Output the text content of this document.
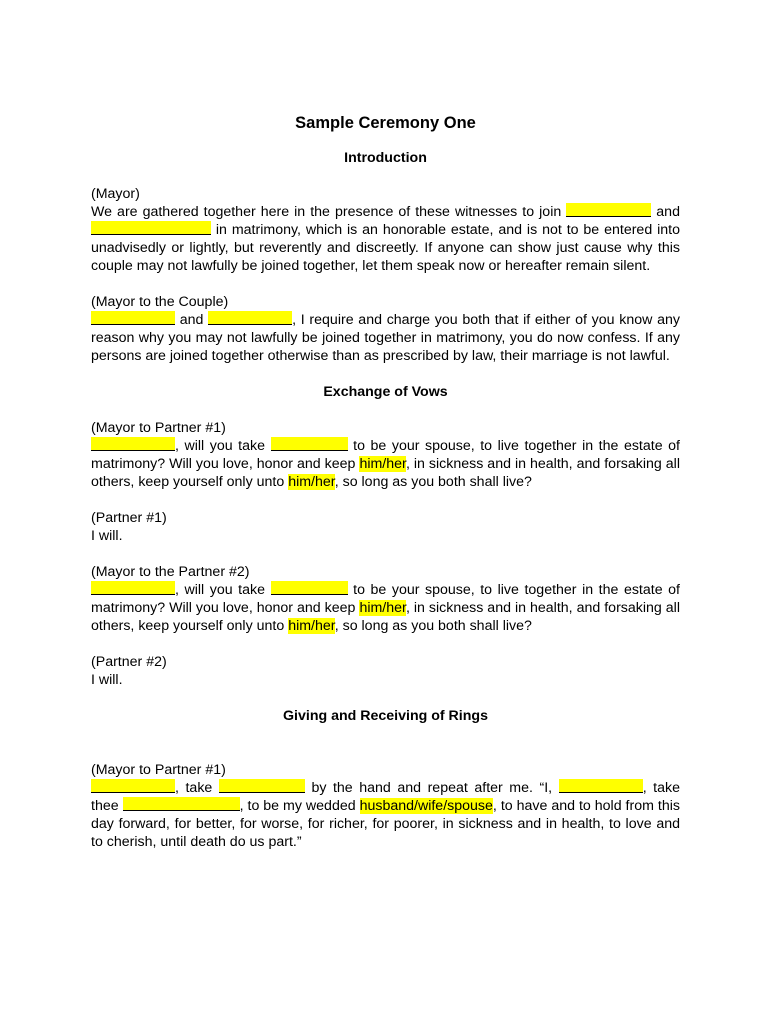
Sample Ceremony One
Introduction

(Mayor)

We are gathered together here in the presence of these witnesses to join	and  in matrimony, which is an honorable estate, and is not to be entered into unadvisedly or lightly, but reverently and discreetly. If anyone can show just cause why this couple may not lawfully be joined together, let them speak now or hereafter remain silent.

(Mayor to the Couple)

and	, I require and charge you both that if either of you know any reason why you may not lawfully be joined together in matrimony, you do now confess. If any persons are joined together otherwise than as prescribed by law, their marriage is not lawful.

Exchange of Vows

(Mayor to Partner #1)

, will you take	to be your spouse, to live together in the estate of matrimony? Will you love, honor and keep him/her, in sickness and in health, and forsaking all others, keep yourself only unto him/her, so long as you both shall live?

(Partner #1)

I will.

(Mayor to the Partner #2)

, will you take	to be your spouse, to live together in the estate of matrimony? Will you love, honor and keep him/her, in sickness and in health, and forsaking all others, keep yourself only unto him/her, so long as you both shall live?

(Partner #2)

I will.

Giving and Receiving of Rings

(Mayor to Partner #1)

, take	by the hand and repeat after me. “I,	, take thee	, to be my wedded husband/wife/spouse, to have and to hold from this day forward, for better, for worse, for richer, for poorer, in sickness and in health, to love and to cherish, until death do us part.”
